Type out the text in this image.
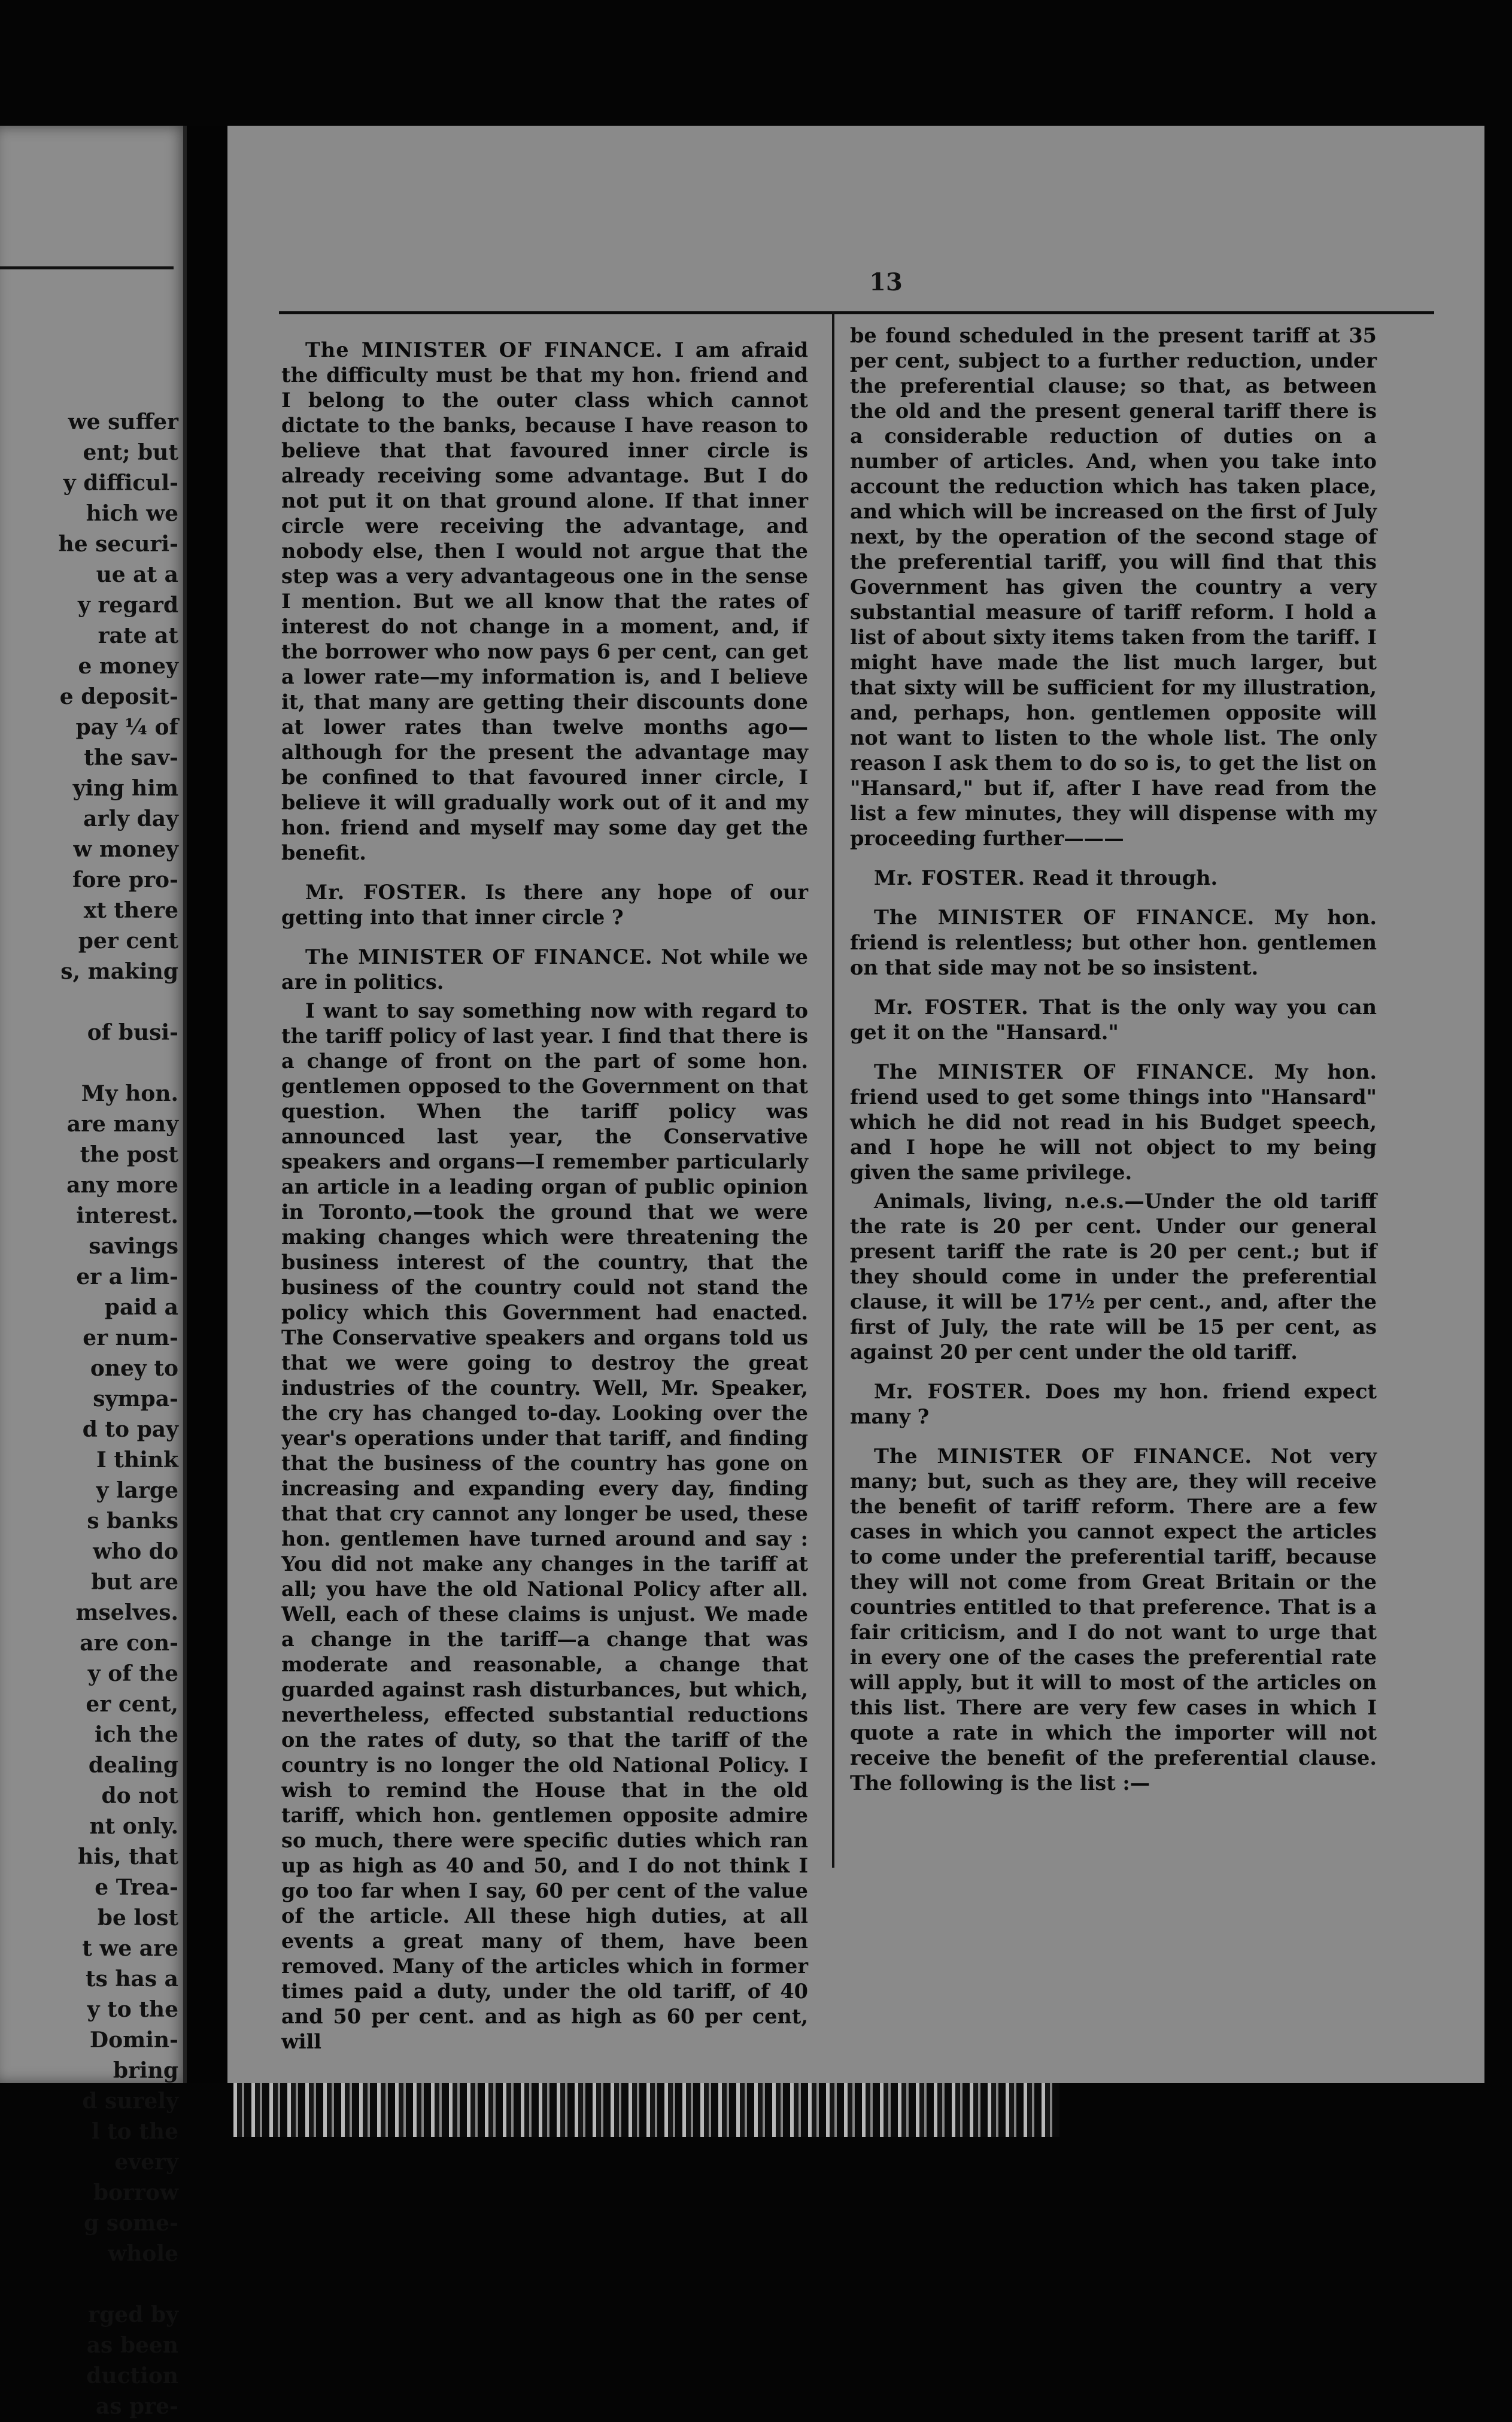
we suffer
ent; but
y difficul-
hich we
he securi-
ue at a
y regard
rate at
e money
e deposit-
pay ¼ of
the sav-
ying him
arly day
w money
fore pro-
xt there
per cent
s, making
of busi-
My hon.
are many
the post
any more
interest.
savings
er a lim-
paid a
er num-
oney to
sympa-
d to pay
I think
y large
s banks
who do
but are
mselves.
are con-
y of the
er cent,
ich the
dealing
do not
nt only.
his, that
e Trea-
be lost
t we are
ts has a
y to the
Domin-
bring
d surely
l to the
every
borrow
g some-
whole
rged by
as been
duction
as pre-
13

The MINISTER OF FINANCE. I am afraid the difficulty must be that my hon. friend and I belong to the outer class which cannot dictate to the banks, because I have reason to believe that that favoured inner circle is already receiving some advantage. But I do not put it on that ground alone. If that inner circle were receiving the advantage, and nobody else, then I would not argue that the step was a very advantageous one in the sense I mention. But we all know that the rates of interest do not change in a moment, and, if the borrower who now pays 6 per cent, can get a lower rate—my information is, and I believe it, that many are getting their discounts done at lower rates than twelve months ago—although for the present the advantage may be confined to that favoured inner circle, I believe it will gradually work out of it and my hon. friend and myself may some day get the benefit.

Mr. FOSTER. Is there any hope of our getting into that inner circle ?

The MINISTER OF FINANCE. Not while we are in politics.

I want to say something now with regard to the tariff policy of last year. I find that there is a change of front on the part of some hon. gentlemen opposed to the Government on that question. When the tariff policy was announced last year, the Conservative speakers and organs—I remember particularly an article in a leading organ of public opinion in Toronto,—took the ground that we were making changes which were threatening the business interest of the country, that the business of the country could not stand the policy which this Government had enacted. The Conservative speakers and organs told us that we were going to destroy the great industries of the country. Well, Mr. Speaker, the cry has changed to-day. Looking over the year's operations under that tariff, and finding that the business of the country has gone on increasing and expanding every day, finding that that cry cannot any longer be used, these hon. gentlemen have turned around and say : You did not make any changes in the tariff at all; you have the old National Policy after all. Well, each of these claims is unjust. We made a change in the tariff—a change that was moderate and reasonable, a change that guarded against rash disturbances, but which, nevertheless, effected substantial reductions on the rates of duty, so that the tariff of the country is no longer the old National Policy. I wish to remind the House that in the old tariff, which hon. gentlemen opposite admire so much, there were specific duties which ran up as high as 40 and 50, and I do not think I go too far when I say, 60 per cent of the value of the article. All these high duties, at all events a great many of them, have been removed. Many of the articles which in former times paid a duty, under the old tariff, of 40 and 50 per cent. and as high as 60 per cent, will

be found scheduled in the present tariff at 35 per cent, subject to a further reduction, under the preferential clause; so that, as between the old and the present general tariff there is a considerable reduction of duties on a number of articles. And, when you take into account the reduction which has taken place, and which will be increased on the first of July next, by the operation of the second stage of the preferential tariff, you will find that this Government has given the country a very substantial measure of tariff reform. I hold a list of about sixty items taken from the tariff. I might have made the list much larger, but that sixty will be sufficient for my illustration, and, perhaps, hon. gentlemen opposite will not want to listen to the whole list. The only reason I ask them to do so is, to get the list on "Hansard," but if, after I have read from the list a few minutes, they will dispense with my proceeding further———

Mr. FOSTER. Read it through.

The MINISTER OF FINANCE. My hon. friend is relentless; but other hon. gentlemen on that side may not be so insistent.

Mr. FOSTER. That is the only way you can get it on the "Hansard."

The MINISTER OF FINANCE. My hon. friend used to get some things into "Hansard" which he did not read in his Budget speech, and I hope he will not object to my being given the same privilege.

Animals, living, n.e.s.—Under the old tariff the rate is 20 per cent. Under our general present tariff the rate is 20 per cent.; but if they should come in under the preferential clause, it will be 17½ per cent., and, after the first of July, the rate will be 15 per cent, as against 20 per cent under the old tariff.

Mr. FOSTER. Does my hon. friend expect many ?

The MINISTER OF FINANCE. Not very many; but, such as they are, they will receive the benefit of tariff reform. There are a few cases in which you cannot expect the articles to come under the preferential tariff, because they will not come from Great Britain or the countries entitled to that preference. That is a fair criticism, and I do not want to urge that in every one of the cases the preferential rate will apply, but it will to most of the articles on this list. There are very few cases in which I quote a rate in which the importer will not receive the benefit of the preferential clause. The following is the list :—
